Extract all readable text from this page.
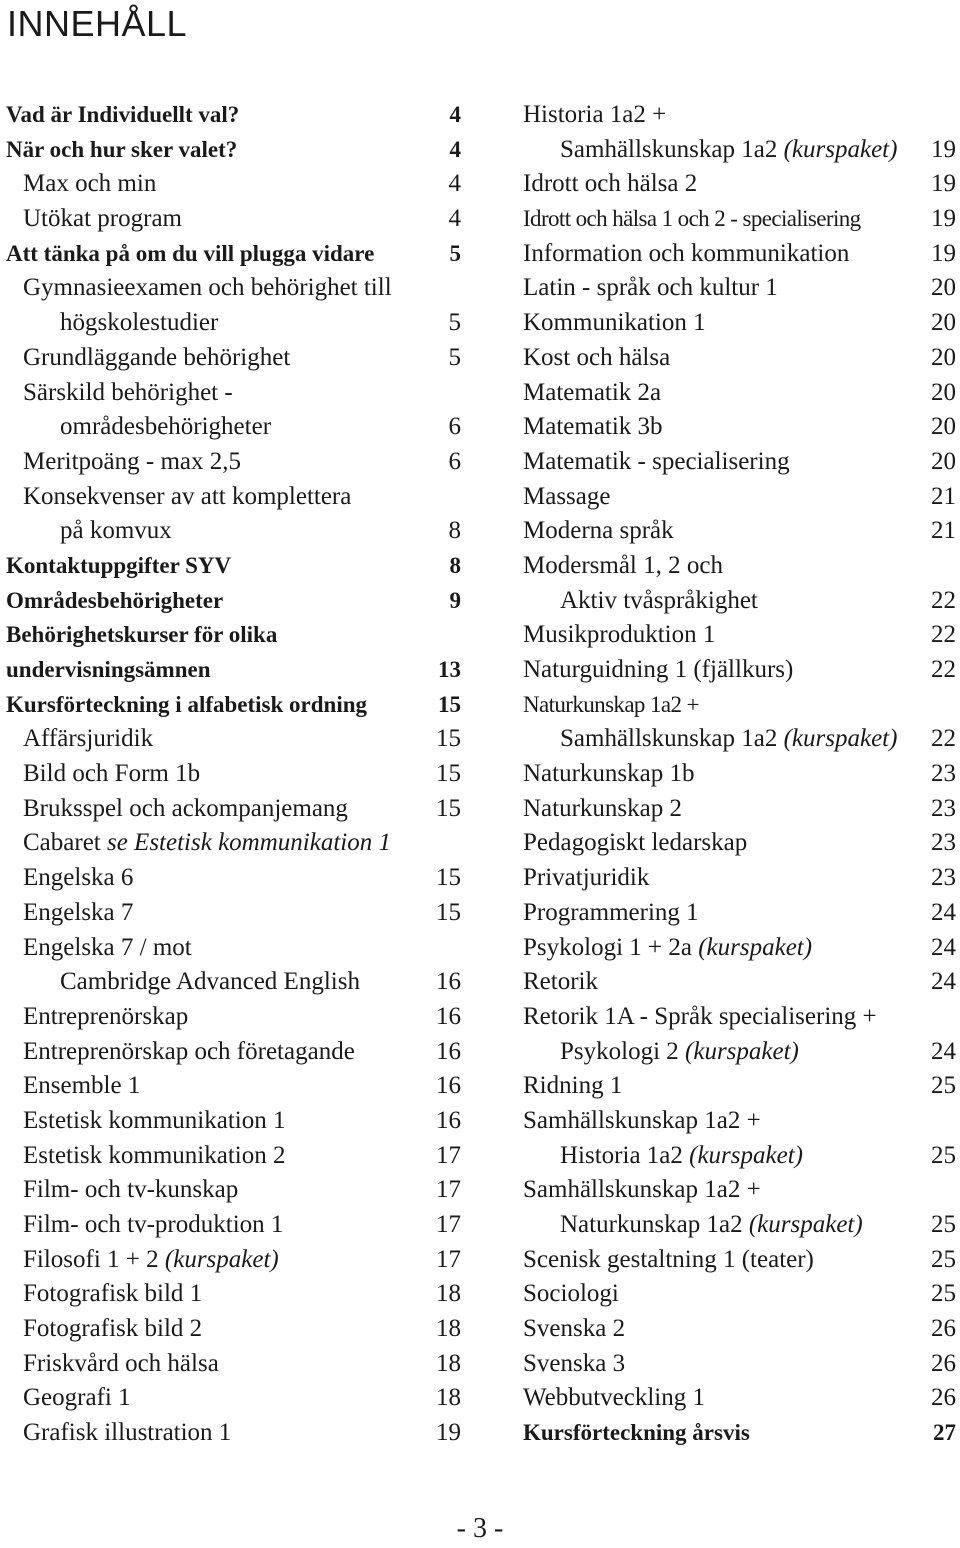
INNEHÅLL
Vad är Individuellt val?	4
När och hur sker valet?	4
Max och min	4
Utökat program	4
Att tänka på om du vill plugga vidare	5
Gymnasieexamen och behörighet till
högskolestudier	5
Grundläggande behörighet	5
Särskild behörighet -
områdesbehörigheter	6
Meritpoäng - max 2,5	6
Konsekvenser av att komplettera
på komvux	8
Kontaktuppgifter SYV	8
Områdesbehörigheter	9
Behörighetskurser för olika
undervisningsämnen	13
Kursförteckning i alfabetisk ordning	15
Affärsjuridik	15
Bild och Form 1b	15
Bruksspel och ackompanjemang	15
Cabaret se Estetisk kommunikation 1
Engelska 6	15
Engelska 7	15
Engelska 7 / mot
Cambridge Advanced English	16
Entreprenörskap	16
Entreprenörskap och företagande	16
Ensemble 1	16
Estetisk kommunikation 1	16
Estetisk kommunikation 2	17
Film- och tv-kunskap	17
Film- och tv-produktion 1	17
Filosofi 1 + 2 (kurspaket)	17
Fotografisk bild 1	18
Fotografisk bild 2	18
Friskvård och hälsa	18
Geografi 1	18
Grafisk illustration 1	19
Historia 1a2 +
Samhällskunskap 1a2 (kurspaket) 19
Idrott och hälsa 2	19
Idrott och hälsa 1 och 2 - specialisering	19
Information och kommunikation	19
Latin - språk och kultur 1	20
Kommunikation 1	20
Kost och hälsa	20
Matematik 2a	20
Matematik 3b	20
Matematik - specialisering	20
Massage	21
Moderna språk	21
Modersmål 1, 2 och
Aktiv tvåspråkighet	22
Musikproduktion 1	22
Naturguidning 1 (fjällkurs)	22
Naturkunskap 1a2 +
Samhällskunskap 1a2 (kurspaket) 22
Naturkunskap 1b	23
Naturkunskap 2	23
Pedagogiskt ledarskap	23
Privatjuridik	23
Programmering 1	24
Psykologi 1 + 2a (kurspaket)	24
Retorik	24
Retorik 1A - Språk specialisering +
Psykologi 2 (kurspaket)	24
Ridning 1	25
Samhällskunskap 1a2 +
Historia 1a2 (kurspaket)	25
Samhällskunskap 1a2 +
Naturkunskap 1a2 (kurspaket)	25
Scenisk gestaltning 1 (teater)	25
Sociologi	25
Svenska 2	26
Svenska 3	26
Webbutveckling 1	26
Kursförteckning årsvis	27
- 3 -
